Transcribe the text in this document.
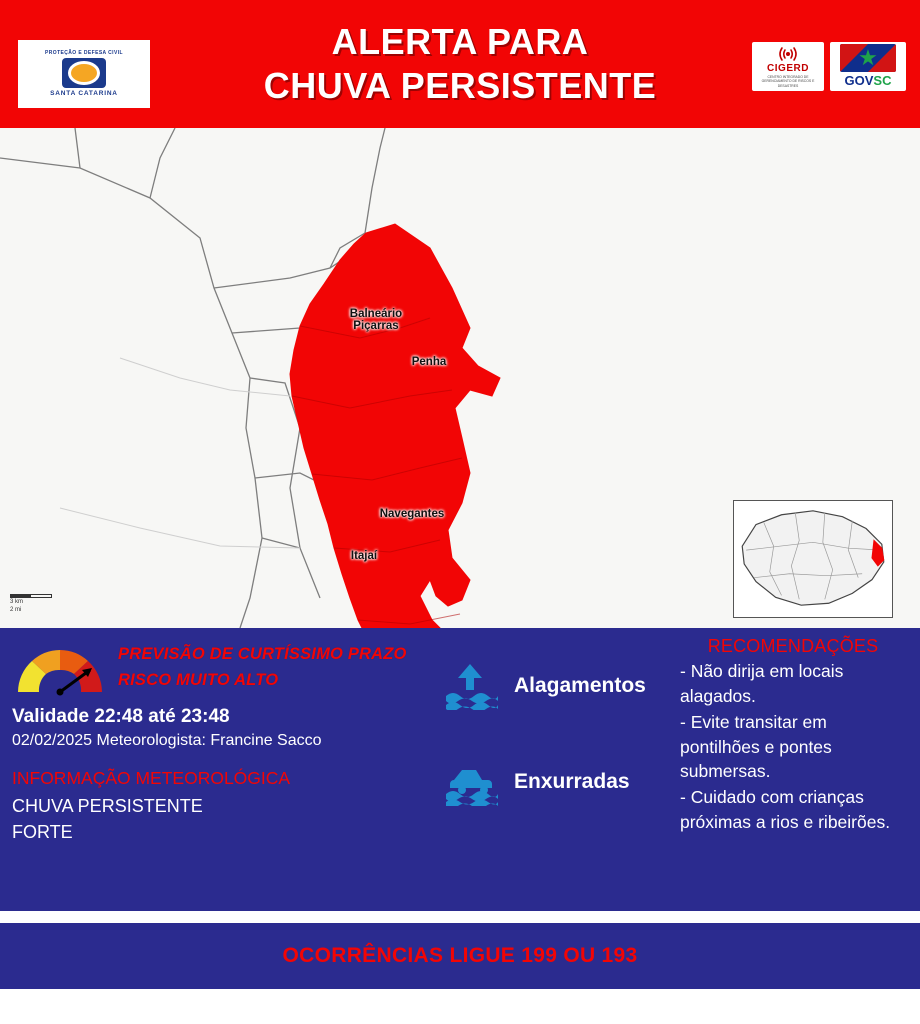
PROTEÇÃO E DEFESA CIVIL
SANTA CATARINA
ALERTA PARA
CHUVA PERSISTENTE	CIGERD
CENTRO INTEGRADO DE GERENCIAMENTO DE RISCOS E DESASTRES
★
GOVSC
Balneário
Piçarras
Penha
Navegantes
Itajaí
3 km
2 mi
PREVISÃO DE CURTÍSSIMO PRAZO
RISCO MUITO ALTO
Validade 22:48 até 23:48
02/02/2025 Meteorologista: Francine Sacco
INFORMAÇÃO METEOROLÓGICA
CHUVA PERSISTENTE
FORTE
Alagamentos
Enxurradas
RECOMENDAÇÕES
- Não dirija em locais alagados.
- Evite transitar em pontilhões e pontes submersas.
- Cuidado com crianças próximas a rios e ribeirões.
OCORRÊNCIAS LIGUE 199 OU 193
